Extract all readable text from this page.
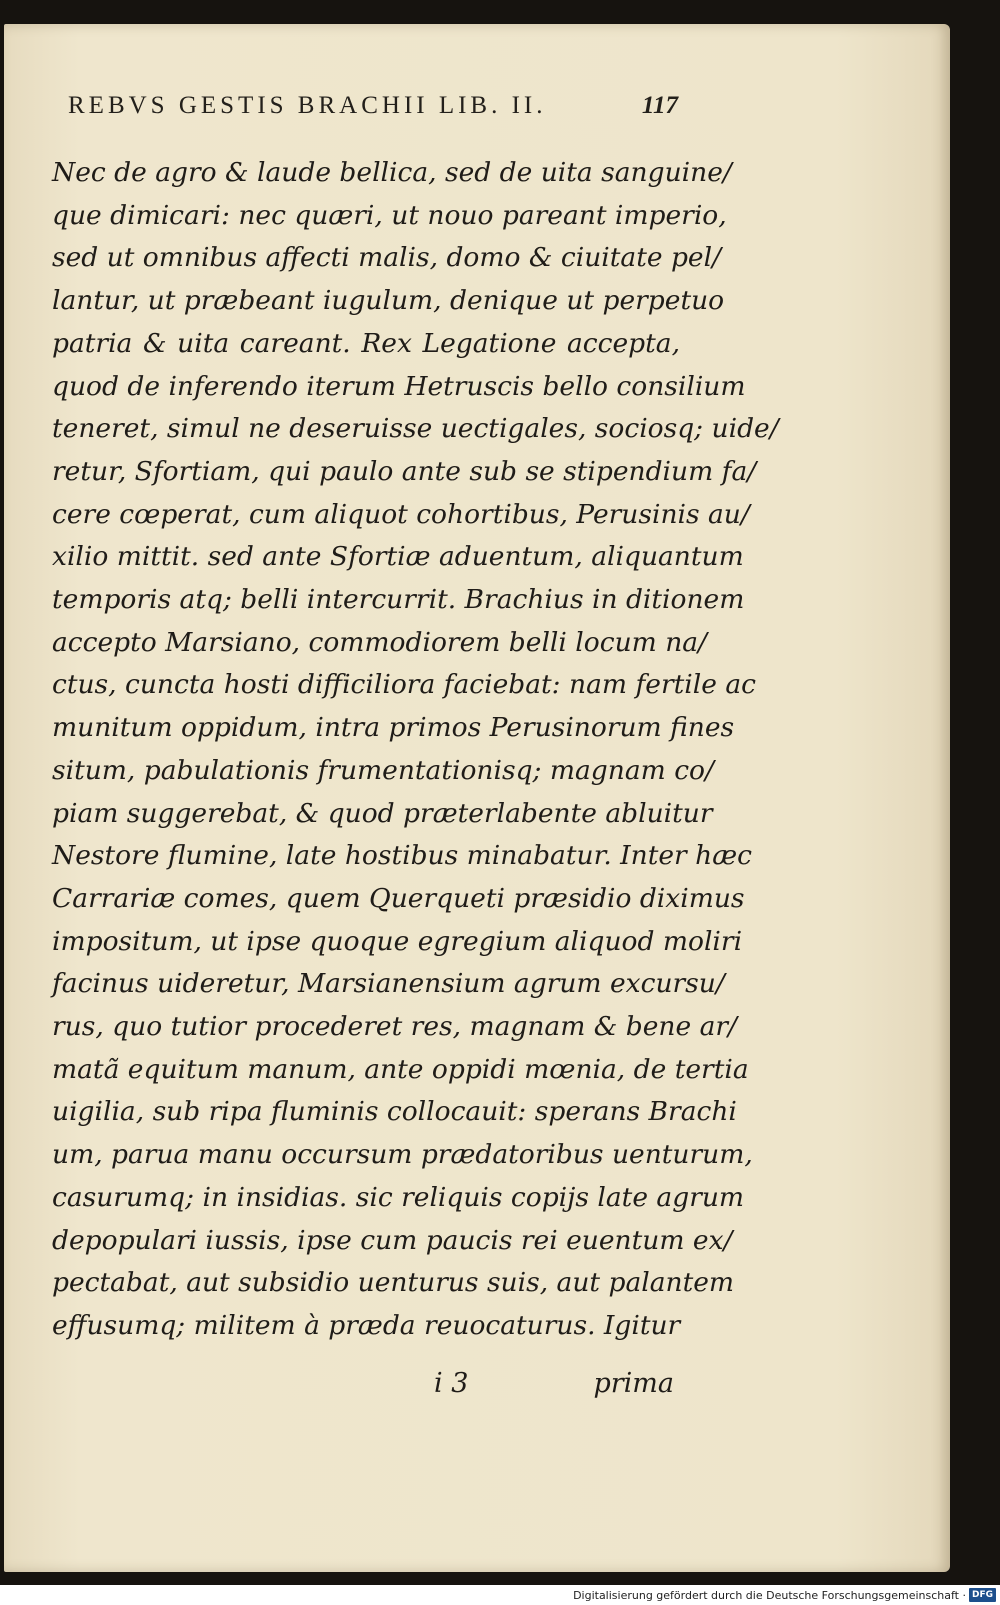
REBVS GESTIS BRACHII LIB. II.	117
Nec de agro & laude bellica, sed de uita sanguine/
que dimicari: nec quæri, ut nouo pareant imperio,
sed ut omnibus affecti malis, domo & ciuitate pel/
lantur, ut præbeant iugulum, denique ut perpetuo
patria & uita careant. Rex Legatione accepta,
quod de inferendo iterum Hetruscis bello consilium
teneret, simul ne deseruisse uectigales, sociosq; uide/
retur, Sfortiam, qui paulo ante sub se stipendium fa/
cere cœperat, cum aliquot cohortibus, Perusinis au/
xilio mittit. sed ante Sfortiæ aduentum, aliquantum
temporis atq; belli intercurrit. Brachius in ditionem
accepto Marsiano, commodiorem belli locum na/
ctus, cuncta hosti difficiliora faciebat: nam fertile ac
munitum oppidum, intra primos Perusinorum fines
situm, pabulationis frumentationisq; magnam co/
piam suggerebat, & quod præterlabente abluitur
Nestore flumine, late hostibus minabatur. Inter hæc
Carrariæ comes, quem Querqueti præsidio diximus
impositum, ut ipse quoque egregium aliquod moliri
facinus uideretur, Marsianensium agrum excursu/
rus, quo tutior procederet res, magnam & bene ar/
matã equitum manum, ante oppidi mœnia, de tertia
uigilia, sub ripa fluminis collocauit: sperans Brachi
um, parua manu occursum prædatoribus uenturum,
casurumq; in insidias. sic reliquis copijs late agrum
depopulari iussis, ipse cum paucis rei euentum ex/
pectabat, aut subsidio uenturus suis, aut palantem
effusumq; militem à præda reuocaturus. Igitur
i 3	prima
Digitalisierung gefördert durch die Deutsche Forschungsgemeinschaft · DFG
